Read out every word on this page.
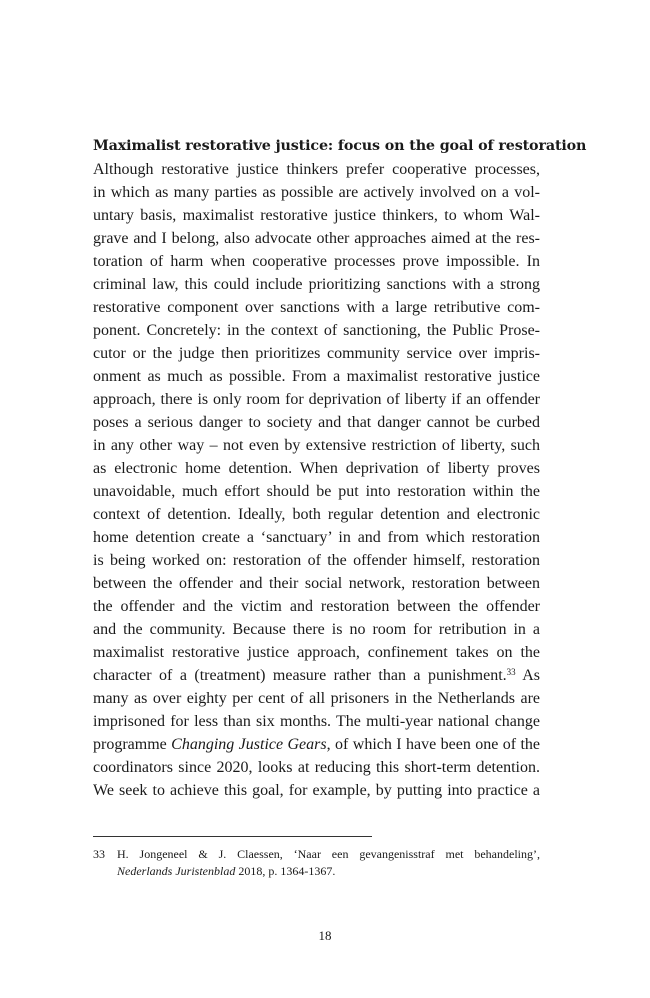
Maximalist restorative justice: focus on the goal of restoration
Although restorative justice thinkers prefer cooperative processes,
in which as many parties as possible are actively involved on a vol-
untary basis, maximalist restorative justice thinkers, to whom Wal-
grave and I belong, also advocate other approaches aimed at the res-
toration of harm when cooperative processes prove impossible. In
criminal law, this could include prioritizing sanctions with a strong
restorative component over sanctions with a large retributive com-
ponent. Concretely: in the context of sanctioning, the Public Prose-
cutor or the judge then prioritizes community service over impris-
onment as much as possible. From a maximalist restorative justice
approach, there is only room for deprivation of liberty if an offender
poses a serious danger to society and that danger cannot be curbed
in any other way – not even by extensive restriction of liberty, such
as electronic home detention. When deprivation of liberty proves
unavoidable, much effort should be put into restoration within the
context of detention. Ideally, both regular detention and electronic
home detention create a ‘sanctuary’ in and from which restoration
is being worked on: restoration of the offender himself, restoration
between the offender and their social network, restoration between
the offender and the victim and restoration between the offender
and the community. Because there is no room for retribution in a
maximalist restorative justice approach, confinement takes on the
character of a (treatment) measure rather than a punishment.$^{33}$ As
many as over eighty per cent of all prisoners in the Netherlands are
imprisoned for less than six months. The multi-year national change
programme Changing Justice Gears, of which I have been one of the
coordinators since 2020, looks at reducing this short-term detention.
We seek to achieve this goal, for example, by putting into practice a
33 H. Jongeneel & J. Claessen, ‘Naar een gevangenisstraf met behandeling’,
Nederlands Juristenblad 2018, p. 1364-1367.
18
